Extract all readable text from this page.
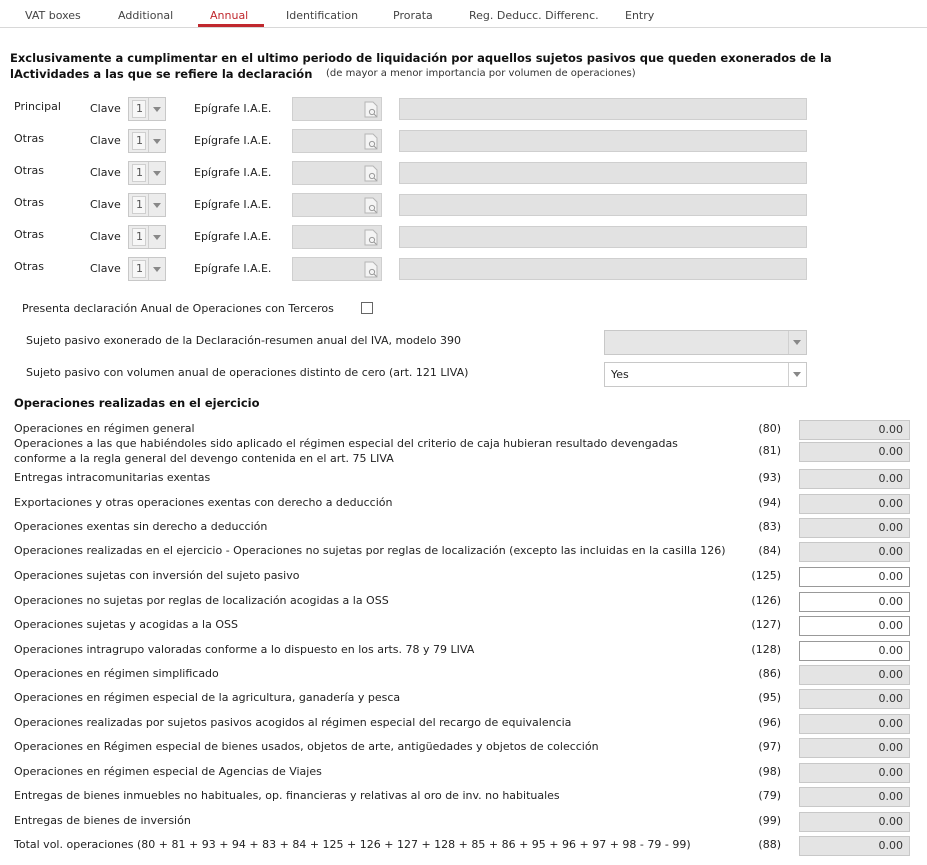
VAT boxes	Additional	Annual	Identification	Prorata	Reg. Deducc. Differenc. Entry
Exclusivamente a cumplimentar en el ultimo periodo de liquidación por aquellos sujetos pasivos que queden exonerados de la
lActividades a las que se refiere la declaración (de mayor a menor importancia por volumen de operaciones)
Principal	Clave	1	Epígrafe I.A.E.
Otras	Clave	1	Epígrafe I.A.E.
Otras	Clave	1	Epígrafe I.A.E.
Otras	Clave	1	Epígrafe I.A.E.
Otras	Clave	1	Epígrafe I.A.E.
Otras	Clave	1	Epígrafe I.A.E.
Presenta declaración Anual de Operaciones con Terceros
Sujeto pasivo exonerado de la Declaración-resumen anual del IVA, modelo 390
Sujeto pasivo con volumen anual de operaciones distinto de cero (art. 121 LIVA)	Yes
Operaciones realizadas en el ejercicio
Operaciones en régimen general	(80)	0.00
Operaciones a las que habiéndoles sido aplicado el régimen especial del criterio de caja hubieran resultado devengadas
conforme a la regla general del devengo contenida en el art. 75 LIVA
(81)	0.00
Entregas intracomunitarias exentas	(93)	0.00
Exportaciones y otras operaciones exentas con derecho a deducción	(94)	0.00
Operaciones exentas sin derecho a deducción	(83)	0.00
Operaciones realizadas en el ejercicio - Operaciones no sujetas por reglas de localización (excepto las incluidas en la casilla 126)	(84)	0.00
Operaciones sujetas con inversión del sujeto pasivo	(125)	0.00
Operaciones no sujetas por reglas de localización acogidas a la OSS	(126)	0.00
Operaciones sujetas y acogidas a la OSS	(127)	0.00
Operaciones intragrupo valoradas conforme a lo dispuesto en los arts. 78 y 79 LIVA	(128)	0.00
Operaciones en régimen simplificado	(86)	0.00
Operaciones en régimen especial de la agricultura, ganadería y pesca	(95)	0.00
Operaciones realizadas por sujetos pasivos acogidos al régimen especial del recargo de equivalencia	(96)	0.00
Operaciones en Régimen especial de bienes usados, objetos de arte, antigüedades y objetos de colección	(97)	0.00
Operaciones en régimen especial de Agencias de Viajes	(98)	0.00
Entregas de bienes inmuebles no habituales, op. financieras y relativas al oro de inv. no habituales	(79)	0.00
Entregas de bienes de inversión	(99)	0.00
Total vol. operaciones (80 + 81 + 93 + 94 + 83 + 84 + 125 + 126 + 127 + 128 + 85 + 86 + 95 + 96 + 97 + 98 - 79 - 99)	(88)	0.00
